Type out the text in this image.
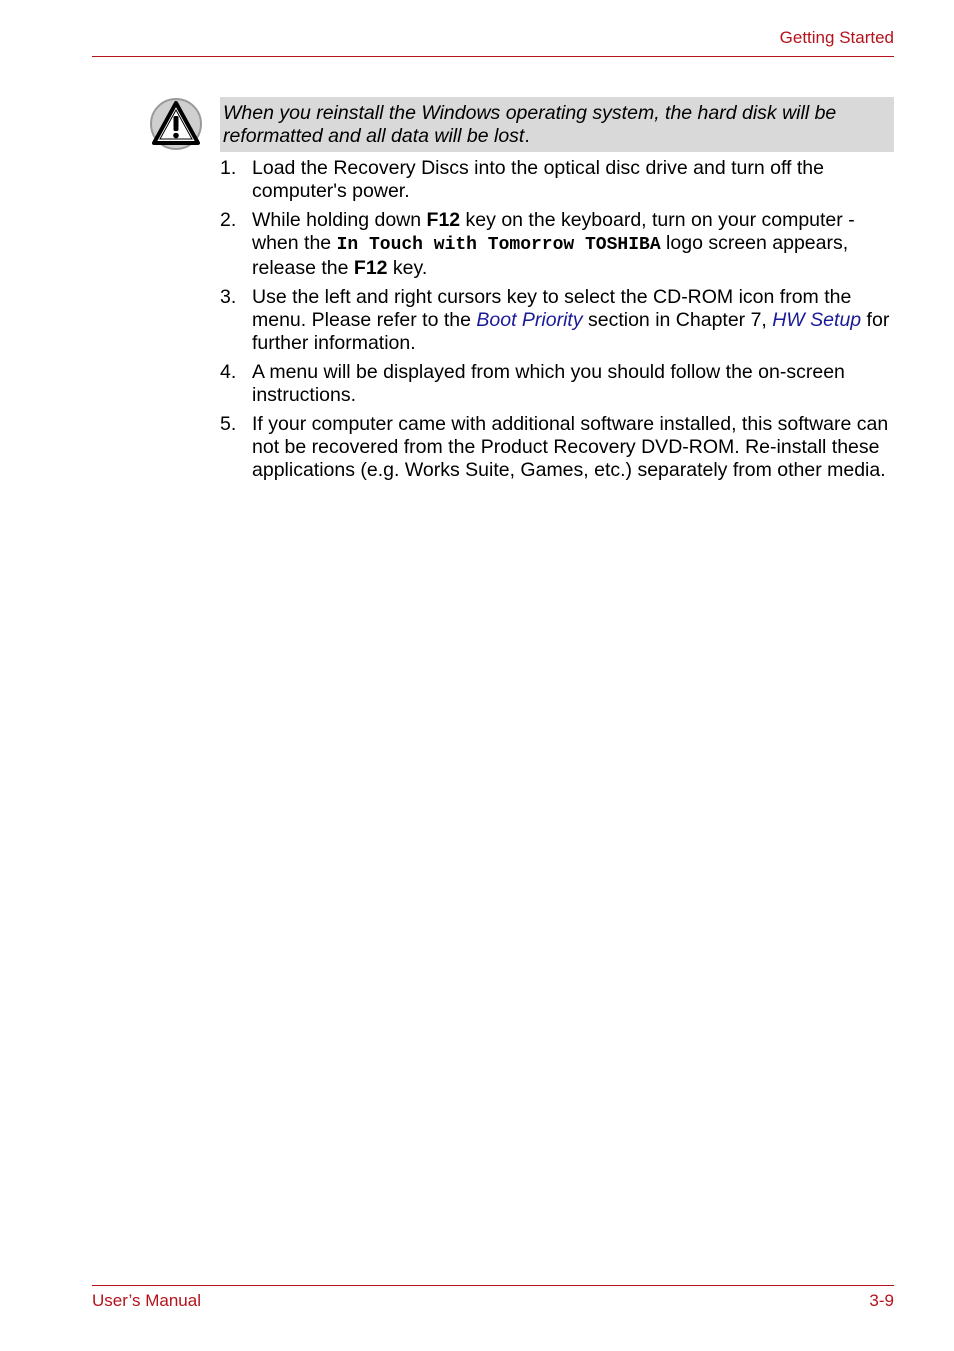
Getting Started

When you reinstall the Windows operating system, the hard disk will be reformatted and all data will be lost.

1. Load the Recovery Discs into the optical disc drive and turn off the computer's power.
2. While holding down F12 key on the keyboard, turn on your computer - when the In Touch with Tomorrow TOSHIBA logo screen appears, release the F12 key.
3. Use the left and right cursors key to select the CD-ROM icon from the menu. Please refer to the Boot Priority section in Chapter 7, HW Setup for further information.
4. A menu will be displayed from which you should follow the on-screen instructions.
5. If your computer came with additional software installed, this software can not be recovered from the Product Recovery DVD-ROM. Re-install these applications (e.g. Works Suite, Games, etc.) separately from other media.
User’s Manual	3-9
